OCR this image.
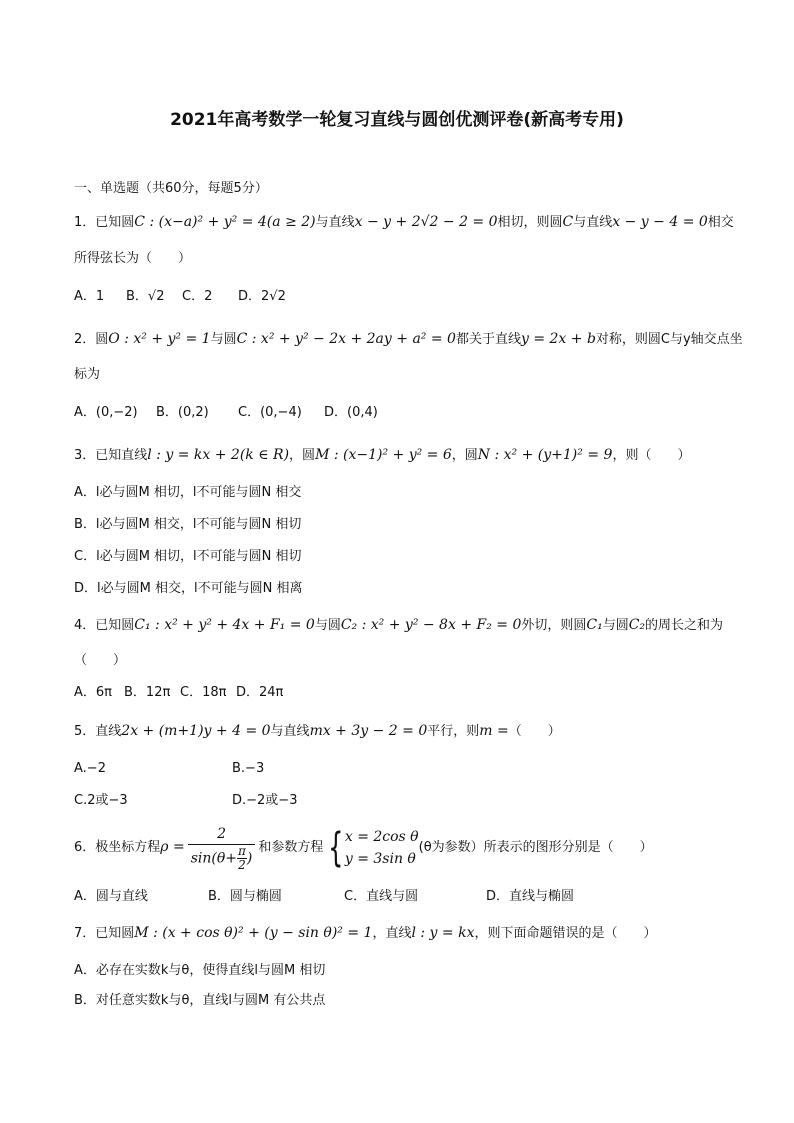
2021年高考数学一轮复习直线与圆创优测评卷(新高考专用)
一、单选题（共60分，每题5分）
1．已知圆C : (x−a)² + y² = 4(a ≥ 2)与直线x − y + 2√2 − 2 = 0相切，则圆C与直线x − y − 4 = 0相交
所得弦长为（　　）
A．1 B．√2 C．2 D．2√2
2．圆O : x² + y² = 1与圆C : x² + y² − 2x + 2ay + a² = 0都关于直线y = 2x + b对称，则圆C与y轴交点坐
标为
A．(0,−2) B．(0,2) C．(0,−4) D．(0,4)
3．已知直线l : y = kx + 2(k ∈ R)，圆M : (x−1)² + y² = 6，圆N : x² + (y+1)² = 9，则（　　）
A．l必与圆M 相切，l不可能与圆N 相交
B．l必与圆M 相交，l不可能与圆N 相切
C．l必与圆M 相切，l不可能与圆N 相切
D．l必与圆M 相交，l不可能与圆N 相离
4．已知圆C₁ : x² + y² + 4x + F₁ = 0与圆C₂ : x² + y² − 8x + F₂ = 0外切，则圆C₁与圆C₂的周长之和为
（　　）
A．6π B．12π C．18π D．24π
5．直线2x + (m+1)y + 4 = 0与直线mx + 3y − 2 = 0平行，则m =（　　）
A.−2	B.−3
C.2或−3	D.−2或−3
6．极坐标方程$\rho = \frac{2}{\sin(\theta+ \frac{\pi}{2} )}$ 和参数方程 { x = 2cos θ
y = 3sin θ
(θ为参数）所表示的图形分别是（　　）
A．圆与直线	B．圆与椭圆	C．直线与圆	D．直线与椭圆
7．已知圆M : (x + cos θ)² + (y − sin θ)² = 1，直线l : y = kx，则下面命题错误的是（　　）
A．必存在实数k与θ，使得直线l与圆M 相切
B．对任意实数k与θ，直线l与圆M 有公共点
